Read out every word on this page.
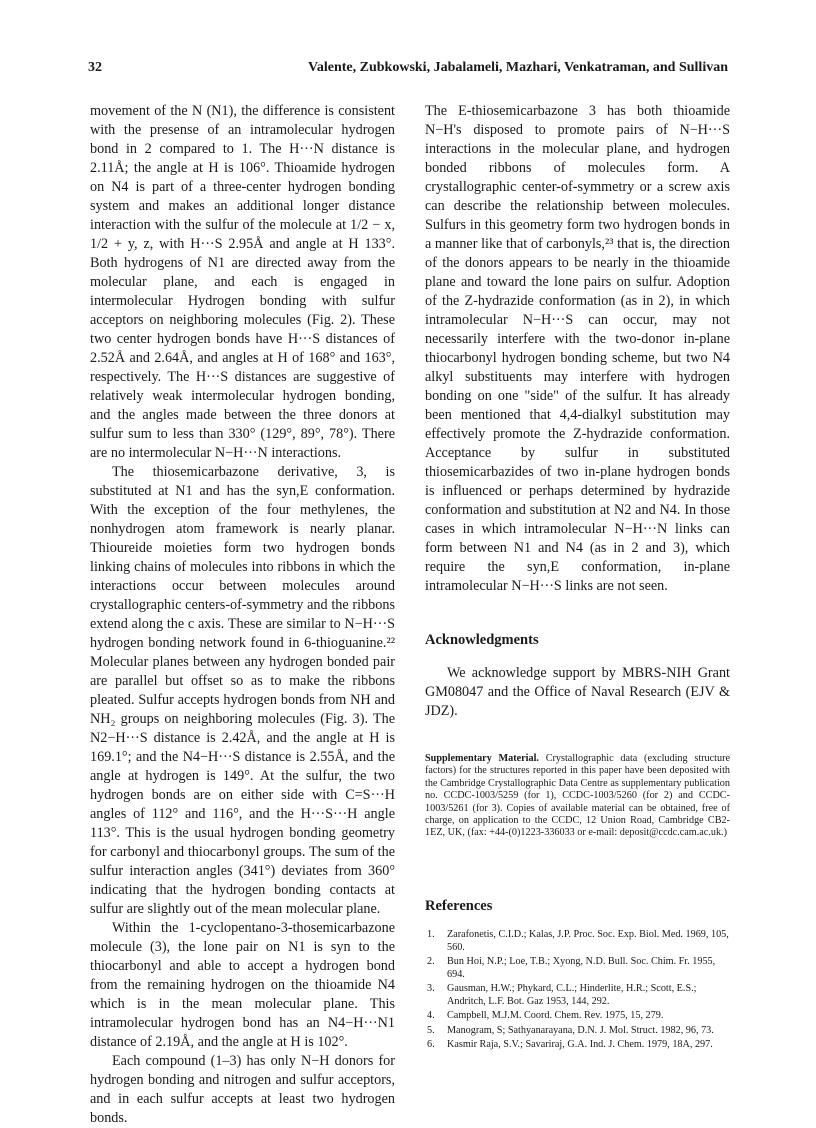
32	Valente, Zubkowski, Jabalameli, Mazhari, Venkatraman, and Sullivan

movement of the N (N1), the difference is consistent with the presense of an intramolecular hydrogen bond in 2 compared to 1. The H···N distance is 2.11Å; the angle at H is 106°. Thioamide hydrogen on N4 is part of a three-center hydrogen bonding system and makes an additional longer distance interaction with the sulfur of the molecule at 1/2 − x, 1/2 + y, z, with H···S 2.95Å and angle at H 133°. Both hydrogens of N1 are directed away from the molecular plane, and each is engaged in intermolecular Hydrogen bonding with sulfur acceptors on neighboring molecules (Fig. 2). These two center hydrogen bonds have H···S distances of 2.52Å and 2.64Å, and angles at H of 168° and 163°, respectively. The H···S distances are suggestive of relatively weak intermolecular hydrogen bonding, and the angles made between the three donors at sulfur sum to less than 330° (129°, 89°, 78°). There are no intermolecular N−H···N interactions.

The thiosemicarbazone derivative, 3, is substituted at N1 and has the syn,E conformation. With the exception of the four methylenes, the nonhydrogen atom framework is nearly planar. Thioureide moieties form two hydrogen bonds linking chains of molecules into ribbons in which the interactions occur between molecules around crystallographic centers-of-symmetry and the ribbons extend along the c axis. These are similar to N−H···S hydrogen bonding network found in 6-thioguanine.²² Molecular planes between any hydrogen bonded pair are parallel but offset so as to make the ribbons pleated. Sulfur accepts hydrogen bonds from NH and NH₂ groups on neighboring molecules (Fig. 3). The N2−H···S distance is 2.42Å, and the angle at H is 169.1°; and the N4−H···S distance is 2.55Å, and the angle at hydrogen is 149°. At the sulfur, the two hydrogen bonds are on either side with C=S···H angles of 112° and 116°, and the H···S···H angle 113°. This is the usual hydrogen bonding geometry for carbonyl and thiocarbonyl groups. The sum of the sulfur interaction angles (341°) deviates from 360° indicating that the hydrogen bonding contacts at sulfur are slightly out of the mean molecular plane.

Within the 1-cyclopentano-3-thosemicarbazone molecule (3), the lone pair on N1 is syn to the thiocarbonyl and able to accept a hydrogen bond from the remaining hydrogen on the thioamide N4 which is in the mean molecular plane. This intramolecular hydrogen bond has an N4−H···N1 distance of 2.19Å, and the angle at H is 102°.

Each compound (1–3) has only N−H donors for hydrogen bonding and nitrogen and sulfur acceptors, and in each sulfur accepts at least two hydrogen bonds.

The E-thiosemicarbazone 3 has both thioamide N−H's disposed to promote pairs of N−H···S interactions in the molecular plane, and hydrogen bonded ribbons of molecules form. A crystallographic center-of-symmetry or a screw axis can describe the relationship between molecules. Sulfurs in this geometry form two hydrogen bonds in a manner like that of carbonyls,²³ that is, the direction of the donors appears to be nearly in the thioamide plane and toward the lone pairs on sulfur. Adoption of the Z-hydrazide conformation (as in 2), in which intramolecular N−H···S can occur, may not necessarily interfere with the two-donor in-plane thiocarbonyl hydrogen bonding scheme, but two N4 alkyl substituents may interfere with hydrogen bonding on one "side" of the sulfur. It has already been mentioned that 4,4-dialkyl substitution may effectively promote the Z-hydrazide conformation. Acceptance by sulfur in substituted thiosemicarbazides of two in-plane hydrogen bonds is influenced or perhaps determined by hydrazide conformation and substitution at N2 and N4. In those cases in which intramolecular N−H···N links can form between N1 and N4 (as in 2 and 3), which require the syn,E conformation, in-plane intramolecular N−H···S links are not seen.

Acknowledgments

We acknowledge support by MBRS-NIH Grant GM08047 and the Office of Naval Research (EJV & JDZ).

Supplementary Material. Crystallographic data (excluding structure factors) for the structures reported in this paper have been deposited with the Cambridge Crystallographic Data Centre as supplementary publication no. CCDC-1003/5259 (for 1), CCDC-1003/5260 (for 2) and CCDC-1003/5261 (for 3). Copies of available material can be obtained, free of charge, on application to the CCDC, 12 Union Road, Cambridge CB2-1EZ, UK, (fax: +44-(0)1223-336033 or e-mail: deposit@ccdc.cam.ac.uk.)

References
1. Zarafonetis, C.I.D.; Kalas, J.P. Proc. Soc. Exp. Biol. Med. 1969, 105, 560.
2. Bun Hoi, N.P.; Loe, T.B.; Xyong, N.D. Bull. Soc. Chim. Fr. 1955, 694.
3. Gausman, H.W.; Phykard, C.L.; Hinderlite, H.R.; Scott, E.S.; Andritch, L.F. Bot. Gaz 1953, 144, 292.
4. Campbell, M.J.M. Coord. Chem. Rev. 1975, 15, 279.
5. Manogram, S; Sathyanarayana, D.N. J. Mol. Struct. 1982, 96, 73.
6. Kasmir Raja, S.V.; Savariraj, G.A. Ind. J. Chem. 1979, 18A, 297.
